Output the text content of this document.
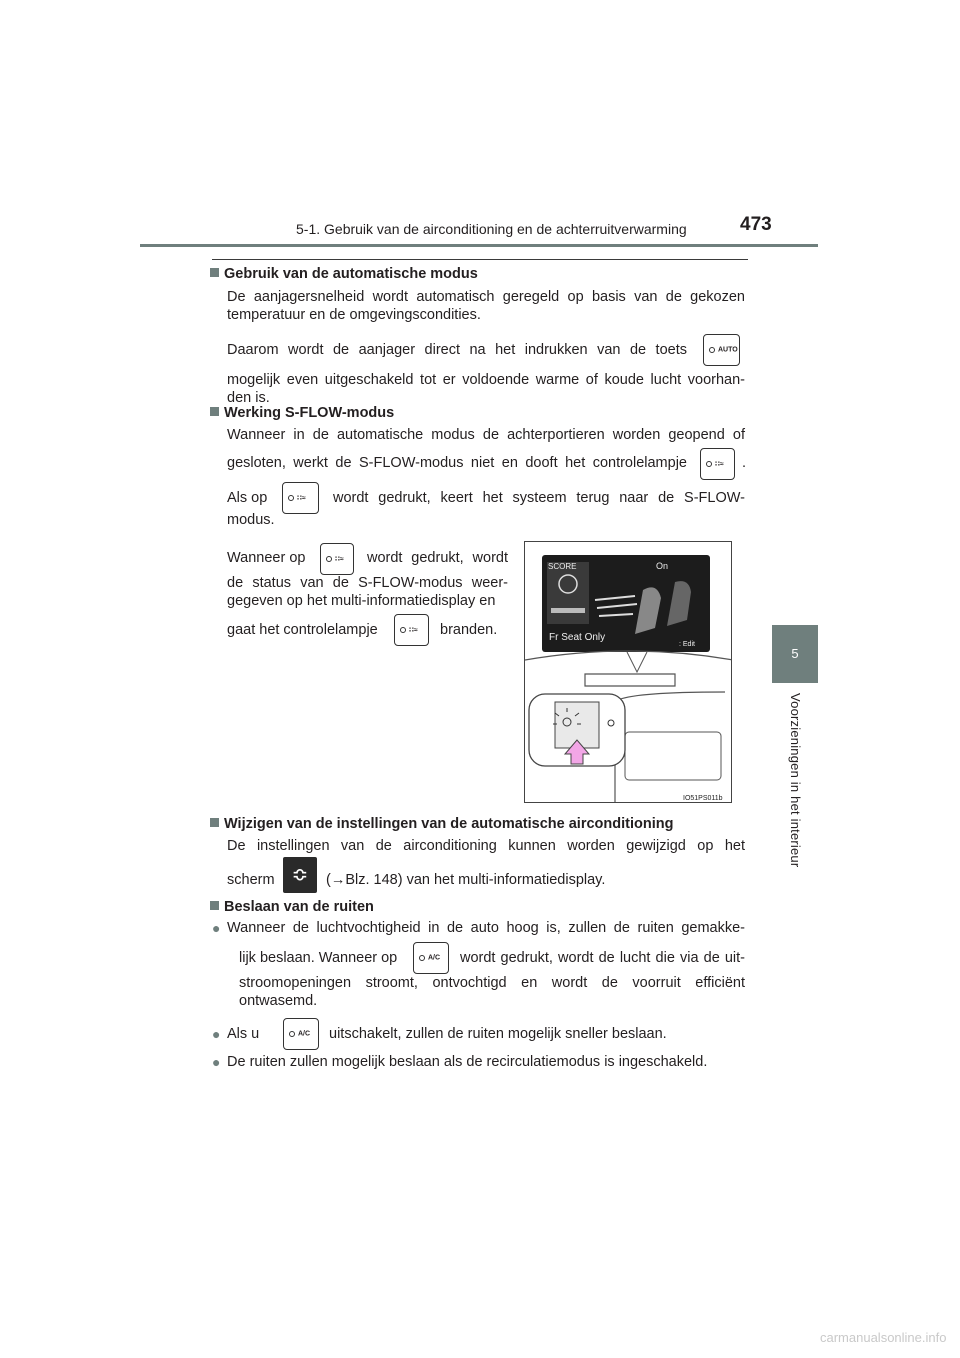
5-1. Gebruik van de airconditioning en de achterruitverwarming	473
5
Voorzieningen in het interieur
Gebruik van de automatische modus
De aanjagersnelheid wordt automatisch geregeld op basis van de gekozen
temperatuur en de omgevingscondities.
Daarom wordt de aanjager direct na het indrukken van de toets	AUTO
mogelijk even uitgeschakeld tot er voldoende warme of koude lucht voorhan-
den is.
Werking S-FLOW-modus
Wanneer in de automatische modus de achterportieren worden geopend of
gesloten, werkt de S-FLOW-modus niet en dooft het controlelampje	∷≈ .
Als op	∷≈ wordt gedrukt, keert het systeem terug naar de S-FLOW-
modus.
Wanneer op	∷≈ wordt gedrukt, wordt
de status van de S-FLOW-modus weer-
gegeven op het multi-informatiedisplay en
gaat het controlelampje	∷≈ branden.
SCORE	On
Fr Seat Only
: Edit
IO51PS011b
Wijzigen van de instellingen van de automatische airconditioning
De instellingen van de airconditioning kunnen worden gewijzigd op het
scherm ≎	(→Blz. 148) van het multi-informatiedisplay.
Beslaan van de ruiten
● Wanneer de luchtvochtigheid in de auto hoog is, zullen de ruiten gemakke-
lijk beslaan. Wanneer op	A/C wordt gedrukt, wordt de lucht die via de uit-
stroomopeningen stroomt, ontvochtigd en wordt de voorruit efficiënt
ontwasemd.
● Als u	A/C uitschakelt, zullen de ruiten mogelijk sneller beslaan.
● De ruiten zullen mogelijk beslaan als de recirculatiemodus is ingeschakeld.
carmanualsonline.info
